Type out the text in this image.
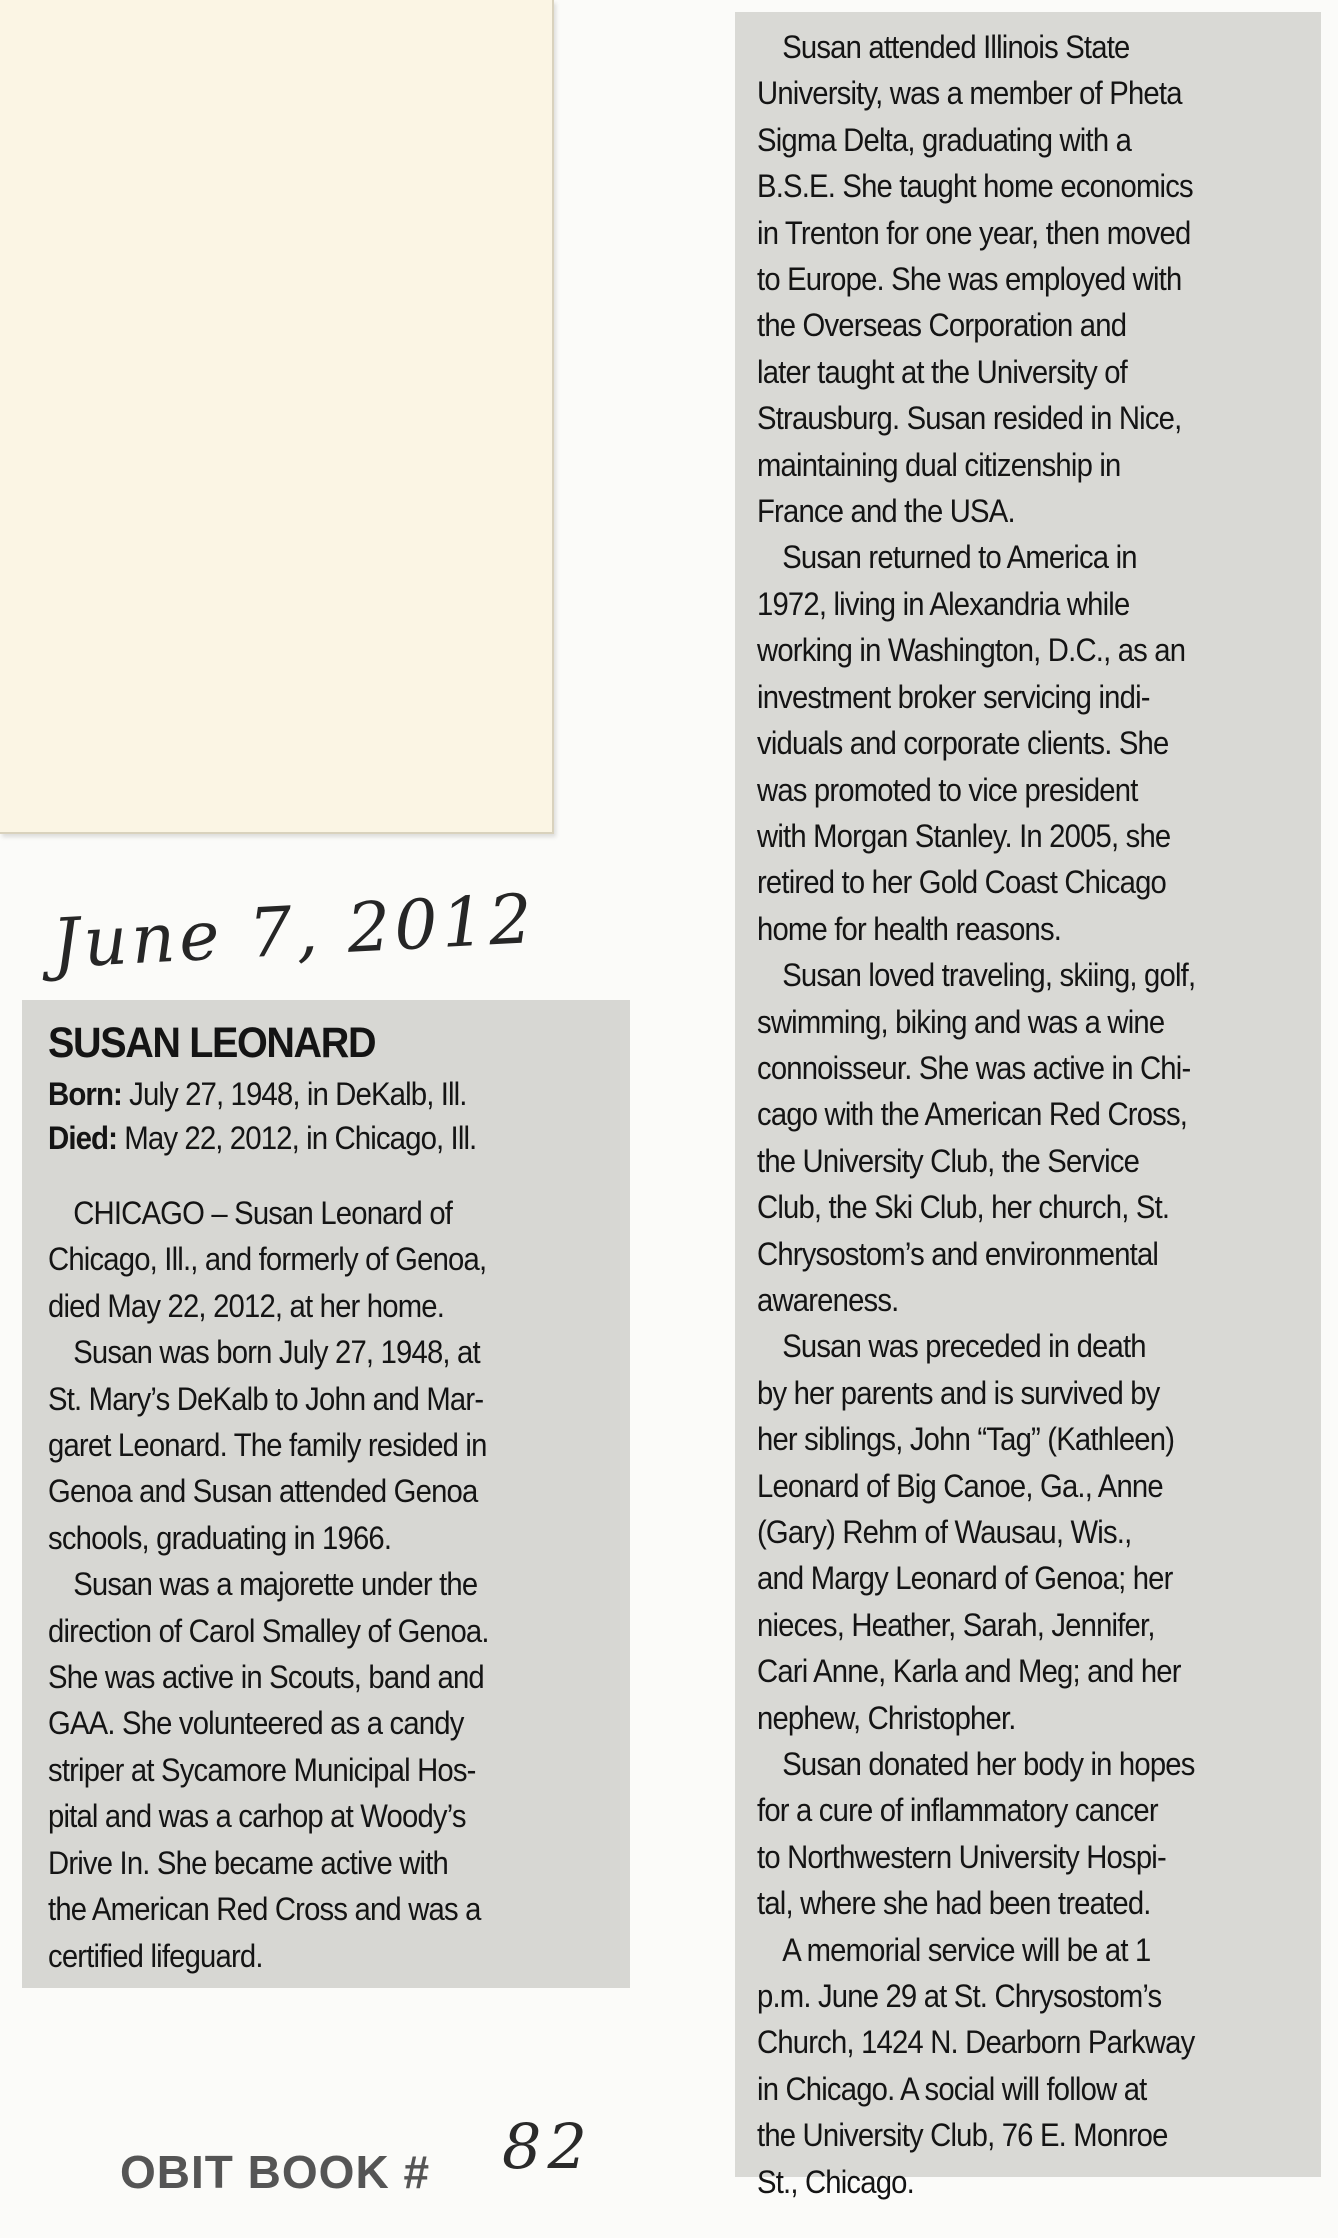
June 7, 2012
SUSAN LEONARD
Born: July 27, 1948, in DeKalb, Ill.
Died: May 22, 2012, in Chicago, Ill.
CHICAGO – Susan Leonard of
Chicago, Ill., and formerly of Genoa,
died May 22, 2012, at her home.
Susan was born July 27, 1948, at
St. Mary’s DeKalb to John and Mar-
garet Leonard. The family resided in
Genoa and Susan attended Genoa
schools, graduating in 1966.
Susan was a majorette under the
direction of Carol Smalley of Genoa.
She was active in Scouts, band and
GAA. She volunteered as a candy
striper at Sycamore Municipal Hos-
pital and was a carhop at Woody’s
Drive In. She became active with
the American Red Cross and was a
certified lifeguard.
Susan attended Illinois State
University, was a member of Pheta
Sigma Delta, graduating with a
B.S.E. She taught home economics
in Trenton for one year, then moved
to Europe. She was employed with
the Overseas Corporation and
later taught at the University of
Strausburg. Susan resided in Nice,
maintaining dual citizenship in
France and the USA.
Susan returned to America in
1972, living in Alexandria while
working in Washington, D.C., as an
investment broker servicing indi-
viduals and corporate clients. She
was promoted to vice president
with Morgan Stanley. In 2005, she
retired to her Gold Coast Chicago
home for health reasons.
Susan loved traveling, skiing, golf,
swimming, biking and was a wine
connoisseur. She was active in Chi-
cago with the American Red Cross,
the University Club, the Service
Club, the Ski Club, her church, St.
Chrysostom’s and environmental
awareness.
Susan was preceded in death
by her parents and is survived by
her siblings, John “Tag” (Kathleen)
Leonard of Big Canoe, Ga., Anne
(Gary) Rehm of Wausau, Wis.,
and Margy Leonard of Genoa; her
nieces, Heather, Sarah, Jennifer,
Cari Anne, Karla and Meg; and her
nephew, Christopher.
Susan donated her body in hopes
for a cure of inflammatory cancer
to Northwestern University Hospi-
tal, where she had been treated.
A memorial service will be at 1
p.m. June 29 at St. Chrysostom’s
Church, 1424 N. Dearborn Parkway
in Chicago. A social will follow at
the University Club, 76 E. Monroe
St., Chicago.
OBIT BOOK # 82
